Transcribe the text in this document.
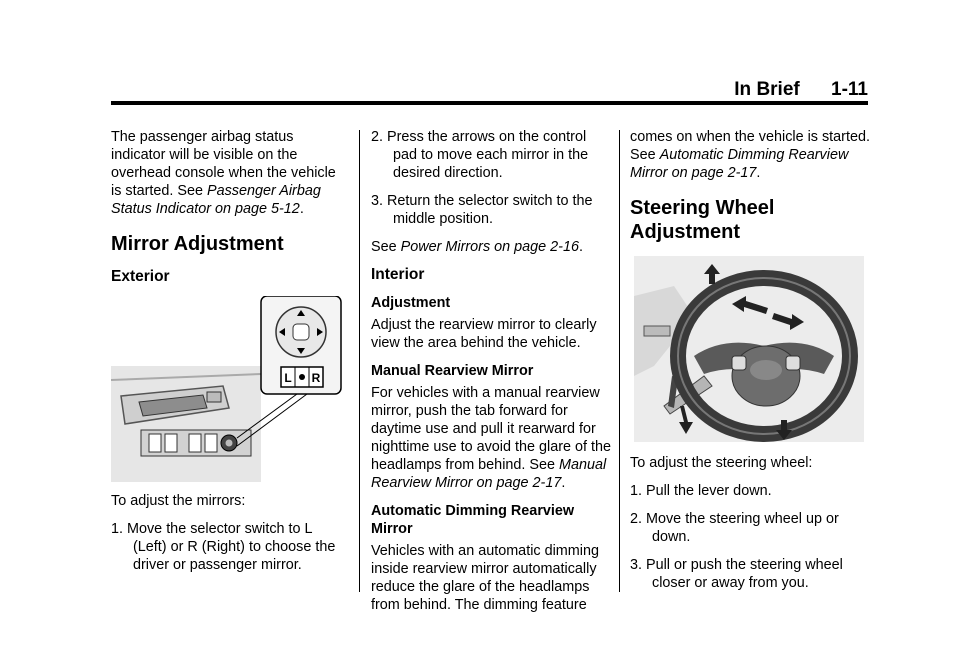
In Brief 1-11

The passenger airbag status indicator will be visible on the overhead console when the vehicle is started. See Passenger Airbag Status Indicator on page 5-12.

Mirror Adjustment
Exterior
L R

To adjust the mirrors:

1. Move the selector switch to L (Left) or R (Right) to choose the driver or passenger mirror.
2. Press the arrows on the control pad to move each mirror in the desired direction.
3. Return the selector switch to the middle position.

See Power Mirrors on page 2-16.

Interior
Adjustment

Adjust the rearview mirror to clearly view the area behind the vehicle.

Manual Rearview Mirror

For vehicles with a manual rearview mirror, push the tab forward for daytime use and pull it rearward for nighttime use to avoid the glare of the headlamps from behind. See Manual Rearview Mirror on page 2-17.

Automatic Dimming Rearview Mirror

Vehicles with an automatic dimming inside rearview mirror automatically reduce the glare of the headlamps from behind. The dimming feature

comes on when the vehicle is started. See Automatic Dimming Rearview Mirror on page 2-17.

Steering Wheel Adjustment

To adjust the steering wheel:

1. Pull the lever down.
2. Move the steering wheel up or down.
3. Pull or push the steering wheel closer or away from you.
